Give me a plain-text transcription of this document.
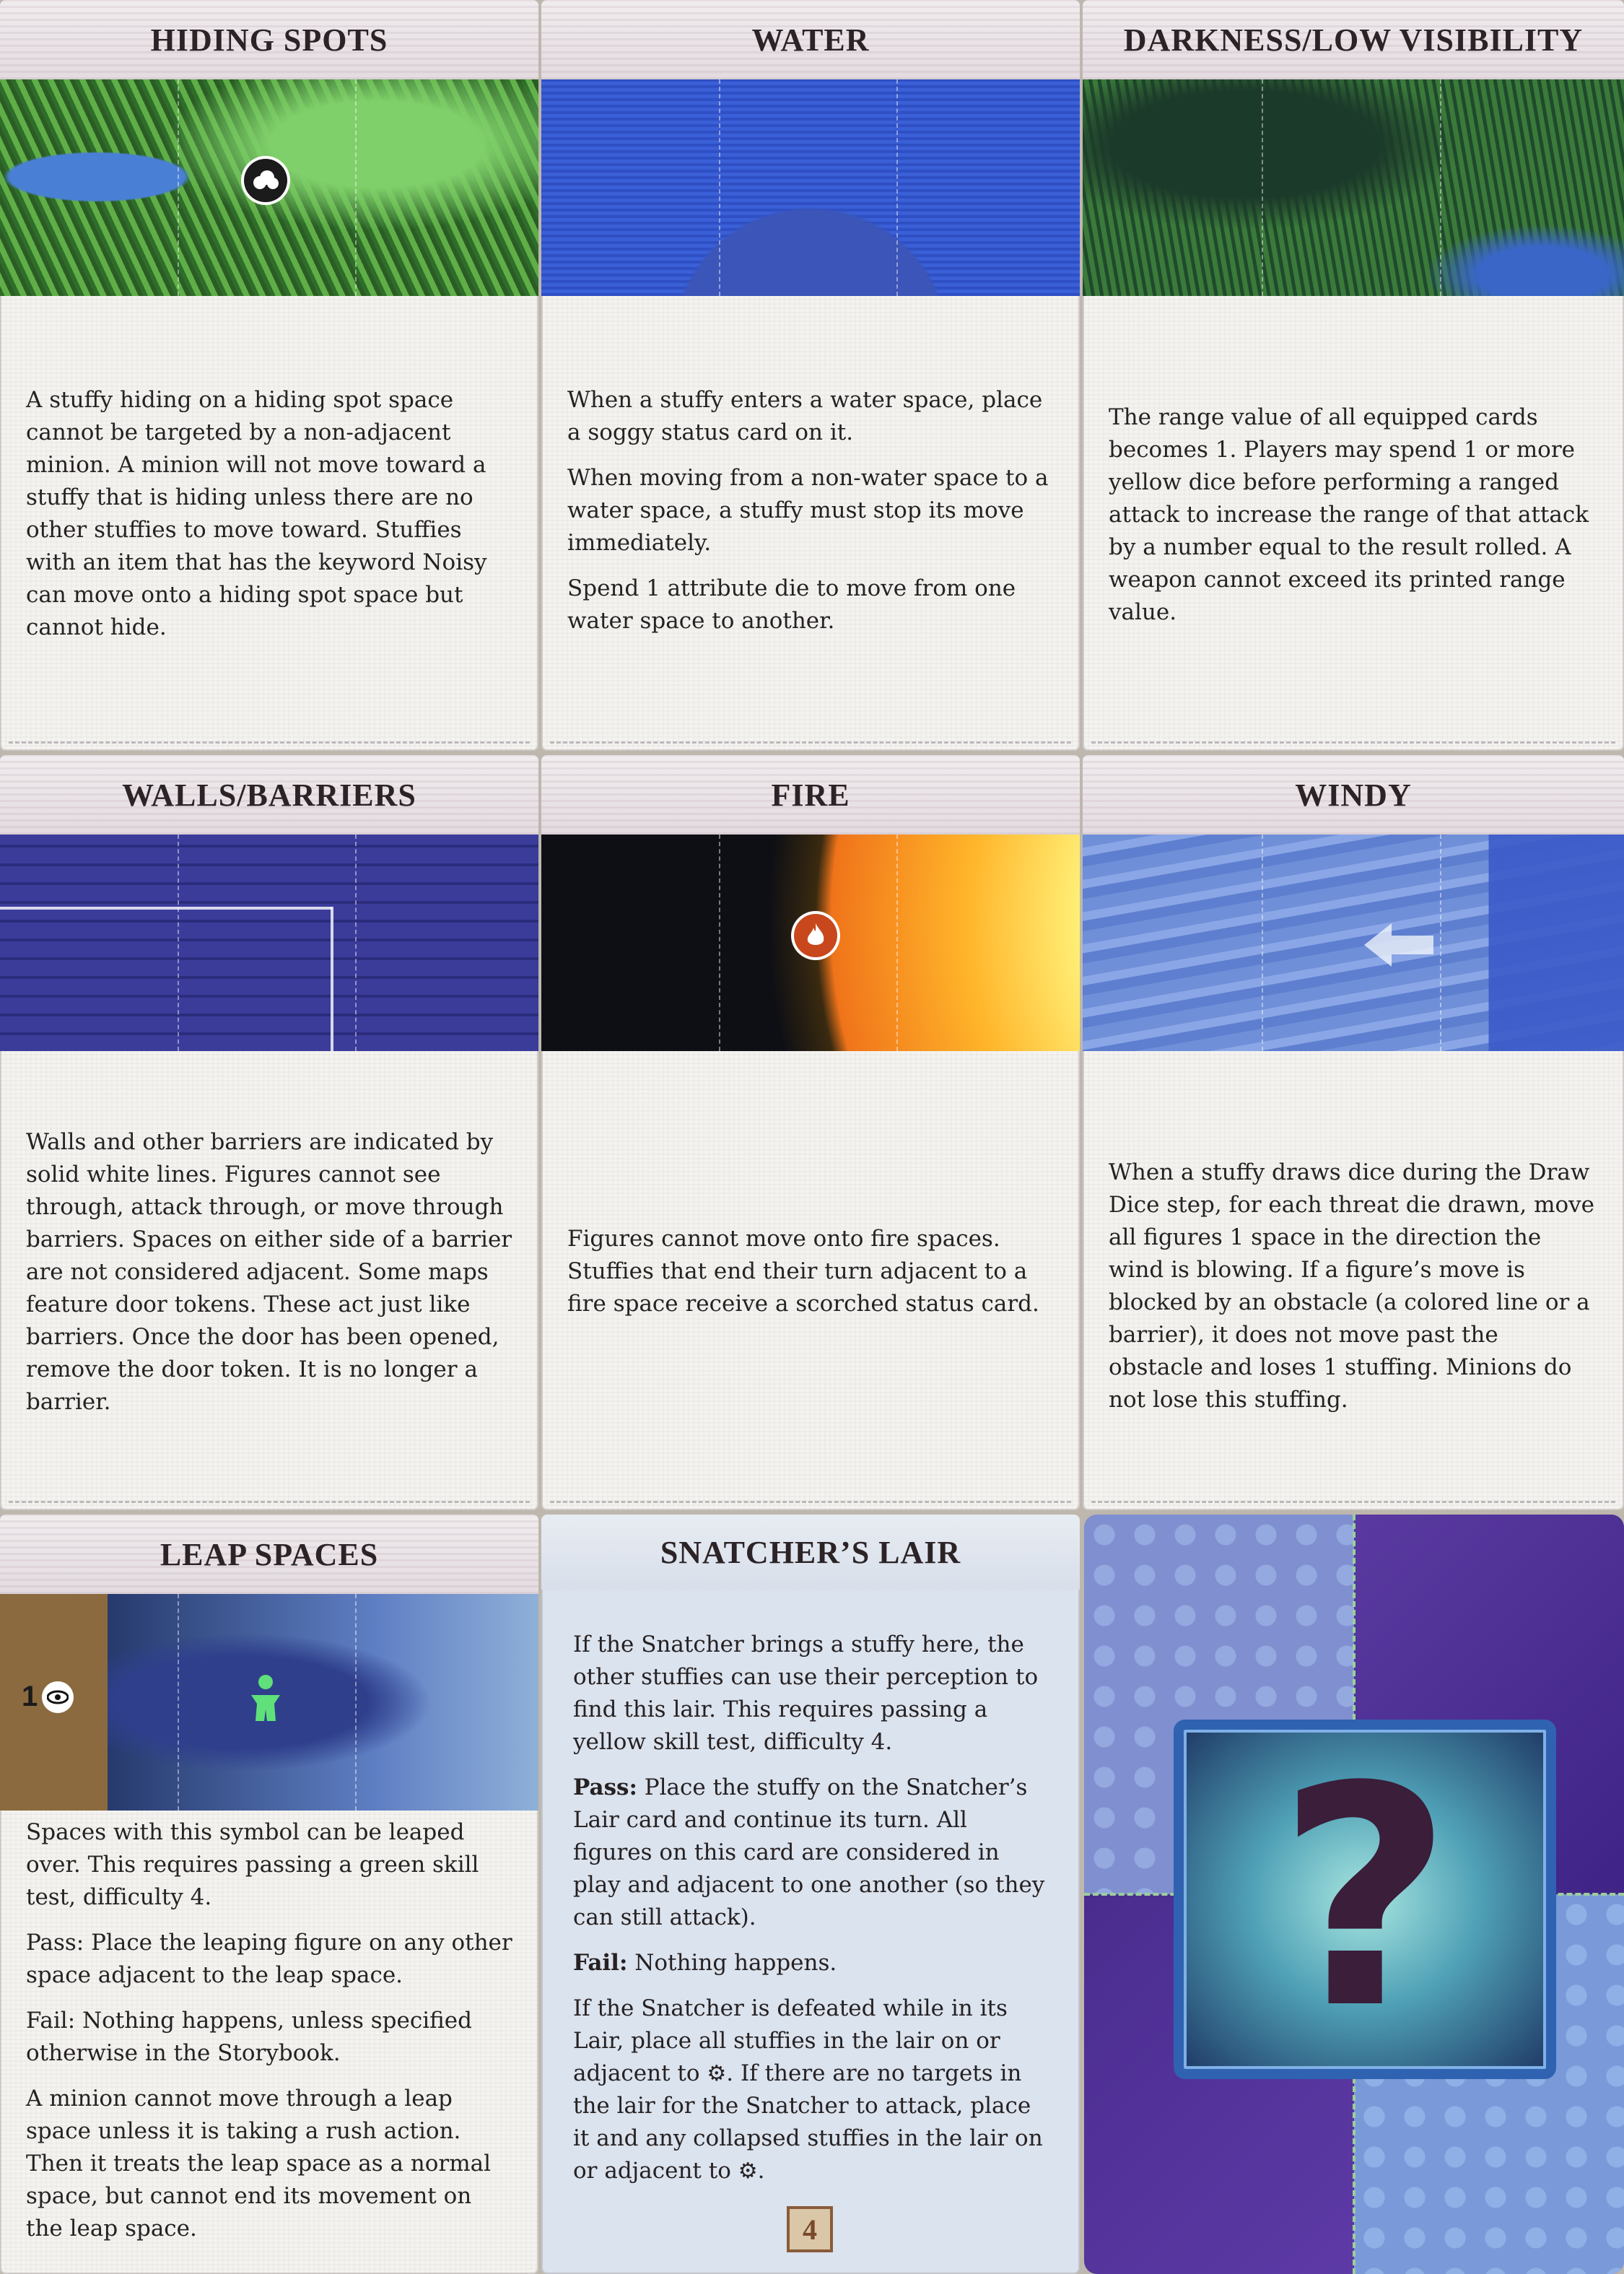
HIDING SPOTS

A stuffy hiding on a hiding spot space cannot be targeted by a non-adjacent minion. A minion will not move toward a stuffy that is hiding unless there are no other stuffies to move toward. Stuffies with an item that has the keyword Noisy can move onto a hiding spot space but cannot hide.

WATER

When a stuffy enters a water space, place a soggy status card on it.

When moving from a non-water space to a water space, a stuffy must stop its move immediately.

Spend 1 attribute die to move from one water space to another.

DARKNESS/LOW VISIBILITY

The range value of all equipped cards becomes 1. Players may spend 1 or more yellow dice before performing a ranged attack to increase the range of that attack by a number equal to the result rolled. A weapon cannot exceed its printed range value.

WALLS/BARRIERS

Walls and other barriers are indicated by solid white lines. Figures cannot see through, attack through, or move through barriers. Spaces on either side of a barrier are not considered adjacent. Some maps feature door tokens. These act just like barriers. Once the door has been opened, remove the door token. It is no longer a barrier.

FIRE

Figures cannot move onto fire spaces. Stuffies that end their turn adjacent to a fire space receive a scorched status card.

WINDY

When a stuffy draws dice during the Draw Dice step, for each threat die drawn, move all figures 1 space in the direction the wind is blowing. If a figure’s move is blocked by an obstacle (a colored line or a barrier), it does not move past the obstacle and loses 1 stuffing. Minions do not lose this stuffing.

LEAP SPACES
1

Spaces with this symbol can be leaped over. This requires passing a green skill test, difficulty 4.

Pass: Place the leaping figure on any other space adjacent to the leap space.

Fail: Nothing happens, unless specified otherwise in the Storybook.

A minion cannot move through a leap space unless it is taking a rush action. Then it treats the leap space as a normal space, but cannot end its movement on the leap space.

SNATCHER’S LAIR

If the Snatcher brings a stuffy here, the other stuffies can use their perception to find this lair. This requires passing a yellow skill test, difficulty 4.

Pass: Place the stuffy on the Snatcher’s Lair card and continue its turn. All figures on this card are considered in play and adjacent to one another (so they can still attack).

Fail: Nothing happens.

If the Snatcher is defeated while in its Lair, place all stuffies in the lair on or adjacent to ⚙︎. If there are no targets in the lair for the Snatcher to attack, place it and any collapsed stuffies in the lair on or adjacent to ⚙︎.

4
?
